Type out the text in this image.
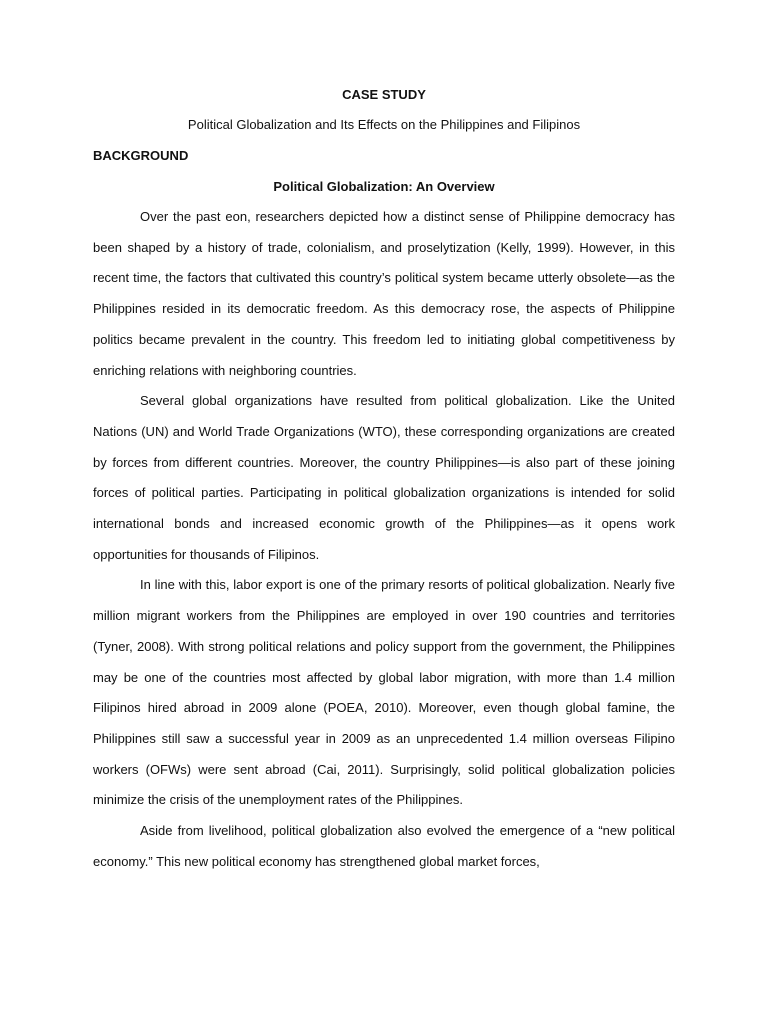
CASE STUDY

Political Globalization and Its Effects on the Philippines and Filipinos

BACKGROUND
Political Globalization: An Overview

Over the past eon, researchers depicted how a distinct sense of Philippine democracy has been shaped by a history of trade, colonialism, and proselytization (Kelly, 1999). However, in this recent time, the factors that cultivated this country’s political system became utterly obsolete—as the Philippines resided in its democratic freedom. As this democracy rose, the aspects of Philippine politics became prevalent in the country. This freedom led to initiating global competitiveness by enriching relations with neighboring countries.

Several global organizations have resulted from political globalization. Like the United Nations (UN) and World Trade Organizations (WTO), these corresponding organizations are created by forces from different countries. Moreover, the country Philippines—is also part of these joining forces of political parties. Participating in political globalization organizations is intended for solid international bonds and increased economic growth of the Philippines—as it opens work opportunities for thousands of Filipinos.

In line with this, labor export is one of the primary resorts of political globalization. Nearly five million migrant workers from the Philippines are employed in over 190 countries and territories (Tyner, 2008). With strong political relations and policy support from the government, the Philippines may be one of the countries most affected by global labor migration, with more than 1.4 million Filipinos hired abroad in 2009 alone (POEA, 2010). Moreover, even though global famine, the Philippines still saw a successful year in 2009 as an unprecedented 1.4 million overseas Filipino workers (OFWs) were sent abroad (Cai, 2011). Surprisingly, solid political globalization policies minimize the crisis of the unemployment rates of the Philippines.

Aside from livelihood, political globalization also evolved the emergence of a “new political economy.” This new political economy has strengthened global market forces,
